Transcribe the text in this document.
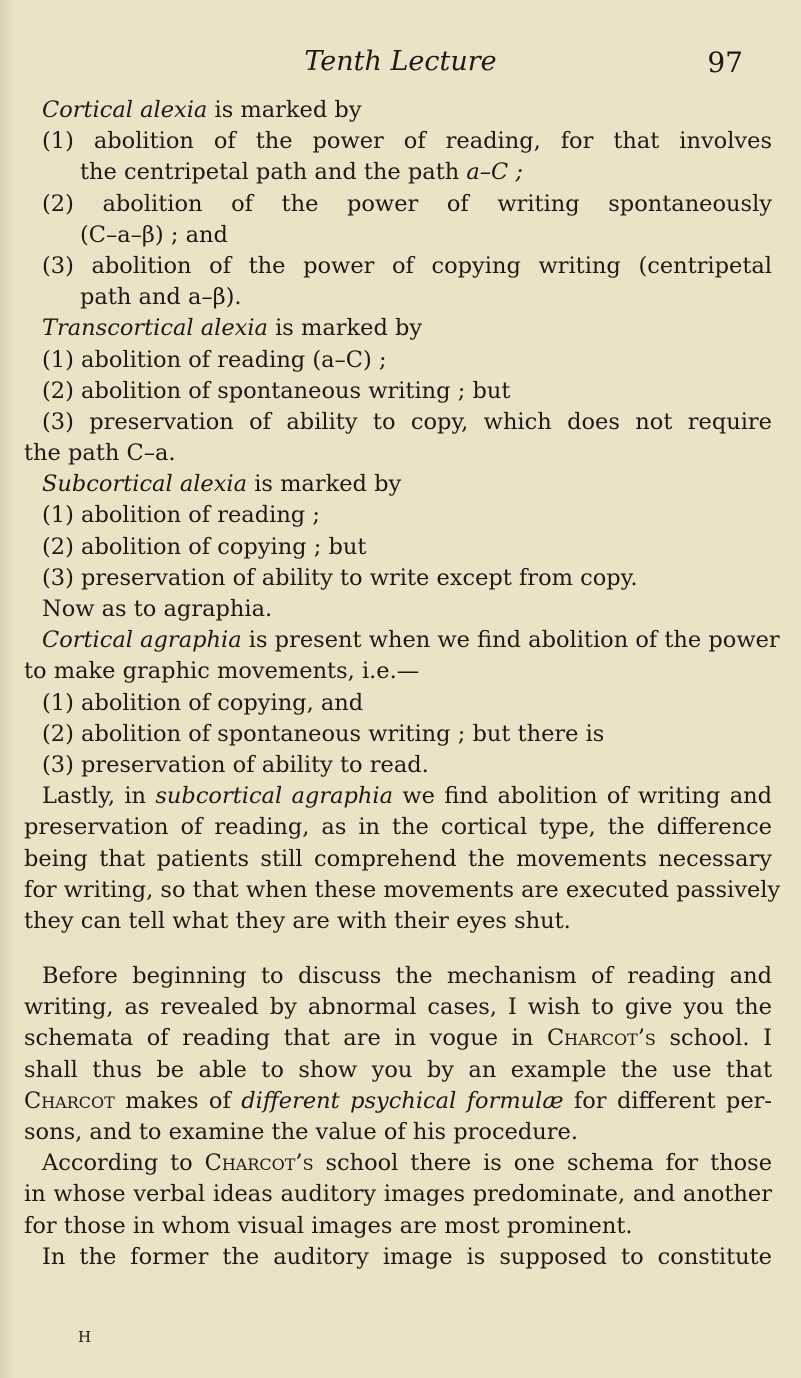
Tenth Lecture	97
Cortical alexia is marked by
(1) abolition of the power of reading, for that involves
the centripetal path and the path a–C ;
(2) abolition of the power of writing spontaneously
(C–a–β) ; and
(3) abolition of the power of copying writing (centripetal
path and a–β).
Transcortical alexia is marked by
(1) abolition of reading (a–C) ;
(2) abolition of spontaneous writing ; but
(3) preservation of ability to copy, which does not require
the path C–a.
Subcortical alexia is marked by
(1) abolition of reading ;
(2) abolition of copying ; but
(3) preservation of ability to write except from copy.
Now as to agraphia.
Cortical agraphia is present when we find abolition of the power
to make graphic movements, i.e.—
(1) abolition of copying, and
(2) abolition of spontaneous writing ; but there is
(3) preservation of ability to read.
Lastly, in subcortical agraphia we find abolition of writing and
preservation of reading, as in the cortical type, the difference
being that patients still comprehend the movements necessary
for writing, so that when these movements are executed passively
they can tell what they are with their eyes shut.
Before beginning to discuss the mechanism of reading and
writing, as revealed by abnormal cases, I wish to give you the
schemata of reading that are in vogue in Charcot’s school. I
shall thus be able to show you by an example the use that
Charcot makes of different psychical formulæ for different per-
sons, and to examine the value of his procedure.
According to Charcot’s school there is one schema for those
in whose verbal ideas auditory images predominate, and another
for those in whom visual images are most prominent.
In the former the auditory image is supposed to constitute
H
